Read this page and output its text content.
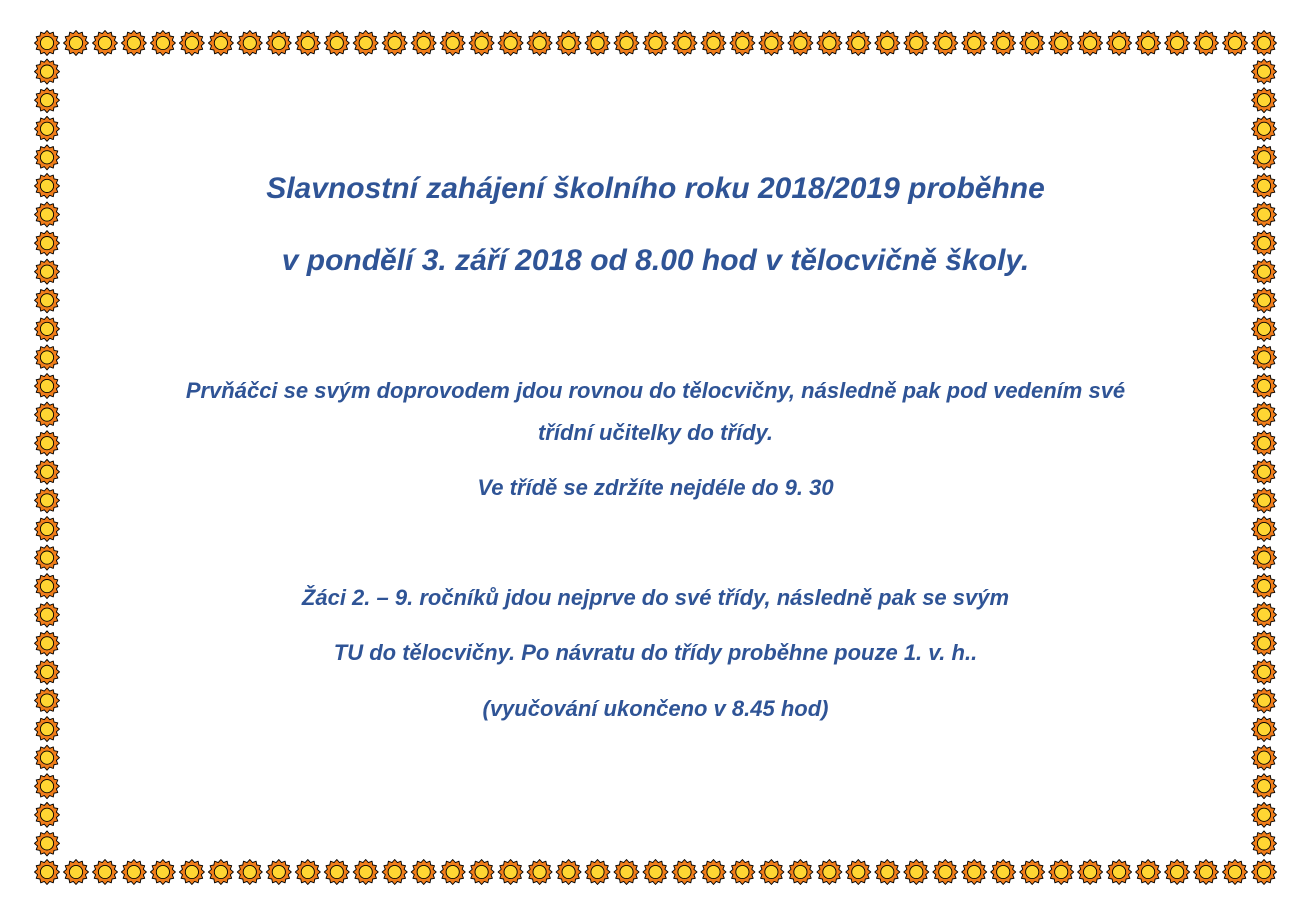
Slavnostní zahájení školního roku 2018/2019 proběhne
v pondělí 3. září 2018 od 8.00 hod v tělocvičně školy.
Prvňáčci se svým doprovodem jdou rovnou do tělocvičny, následně pak pod vedením své
třídní učitelky do třídy.
Ve třídě se zdržíte nejdéle do 9. 30
Žáci 2. – 9. ročníků jdou nejprve do své třídy, následně pak se svým
TU do tělocvičny. Po návratu do třídy proběhne pouze 1. v. h..
(vyučování ukončeno v 8.45 hod)
